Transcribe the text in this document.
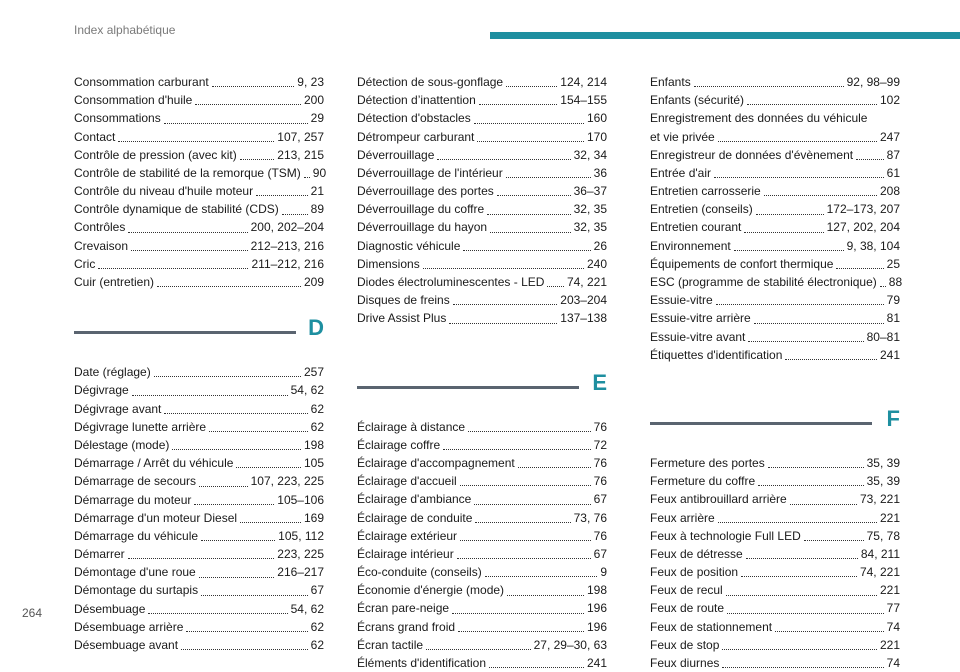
Index alphabétique
Consommation carburant	9, 23
Consommation d'huile	200
Consommations	29
Contact	107, 257
Contrôle de pression (avec kit)	213, 215
Contrôle de stabilité de la remorque (TSM) 90
Contrôle du niveau d'huile moteur	21
Contrôle dynamique de stabilité (CDS)	89
Contrôles	200, 202–204
Crevaison	212–213, 216
Cric	211–212, 216
Cuir (entretien)	209
D
Date (réglage)	257
Dégivrage	54, 62
Dégivrage avant	62
Dégivrage lunette arrière	62
Délestage (mode)	198
Démarrage / Arrêt du véhicule	105
Démarrage de secours	107, 223, 225
Démarrage du moteur	105–106
Démarrage d'un moteur Diesel	169
Démarrage du véhicule	105, 112
Démarrer	223, 225
Démontage d'une roue	216–217
Démontage du surtapis	67
Désembuage	54, 62
Désembuage arrière	62
Désembuage avant	62
Détection de sous-gonflage	124, 214
Détection d’inattention	154–155
Détection d'obstacles	160
Détrompeur carburant	170
Déverrouillage	32, 34
Déverrouillage de l'intérieur	36
Déverrouillage des portes	36–37
Déverrouillage du coffre	32, 35
Déverrouillage du hayon	32, 35
Diagnostic véhicule	26
Dimensions	240
Diodes électroluminescentes - LED 74, 221
Disques de freins	203–204
Drive Assist Plus	137–138
E
Éclairage à distance	76
Éclairage coffre	72
Éclairage d'accompagnement	76
Éclairage d'accueil	76
Éclairage d'ambiance	67
Éclairage de conduite	73, 76
Éclairage extérieur	76
Éclairage intérieur	67
Éco-conduite (conseils)	9
Économie d'énergie (mode)	198
Écran pare-neige	196
Écrans grand froid	196
Écran tactile	27, 29–30, 63
Éléments d'identification	241
Enfants	92, 98–99
Enfants (sécurité)	102
Enregistrement des données du véhicule
et vie privée	247
Enregistreur de données d'évènement	87
Entrée d'air	61
Entretien carrosserie	208
Entretien (conseils)	172–173, 207
Entretien courant	127, 202, 204
Environnement	9, 38, 104
Équipements de confort thermique	25
ESC (programme de stabilité électronique) 88
Essuie-vitre	79
Essuie-vitre arrière	81
Essuie-vitre avant	80–81
Étiquettes d'identification	241
F
Fermeture des portes	35, 39
Fermeture du coffre	35, 39
Feux antibrouillard arrière	73, 221
Feux arrière	221
Feux à technologie Full LED	75, 78
Feux de détresse	84, 211
Feux de position	74, 221
Feux de recul	221
Feux de route	77
Feux de stationnement	74
Feux de stop	221
Feux diurnes	74
264
